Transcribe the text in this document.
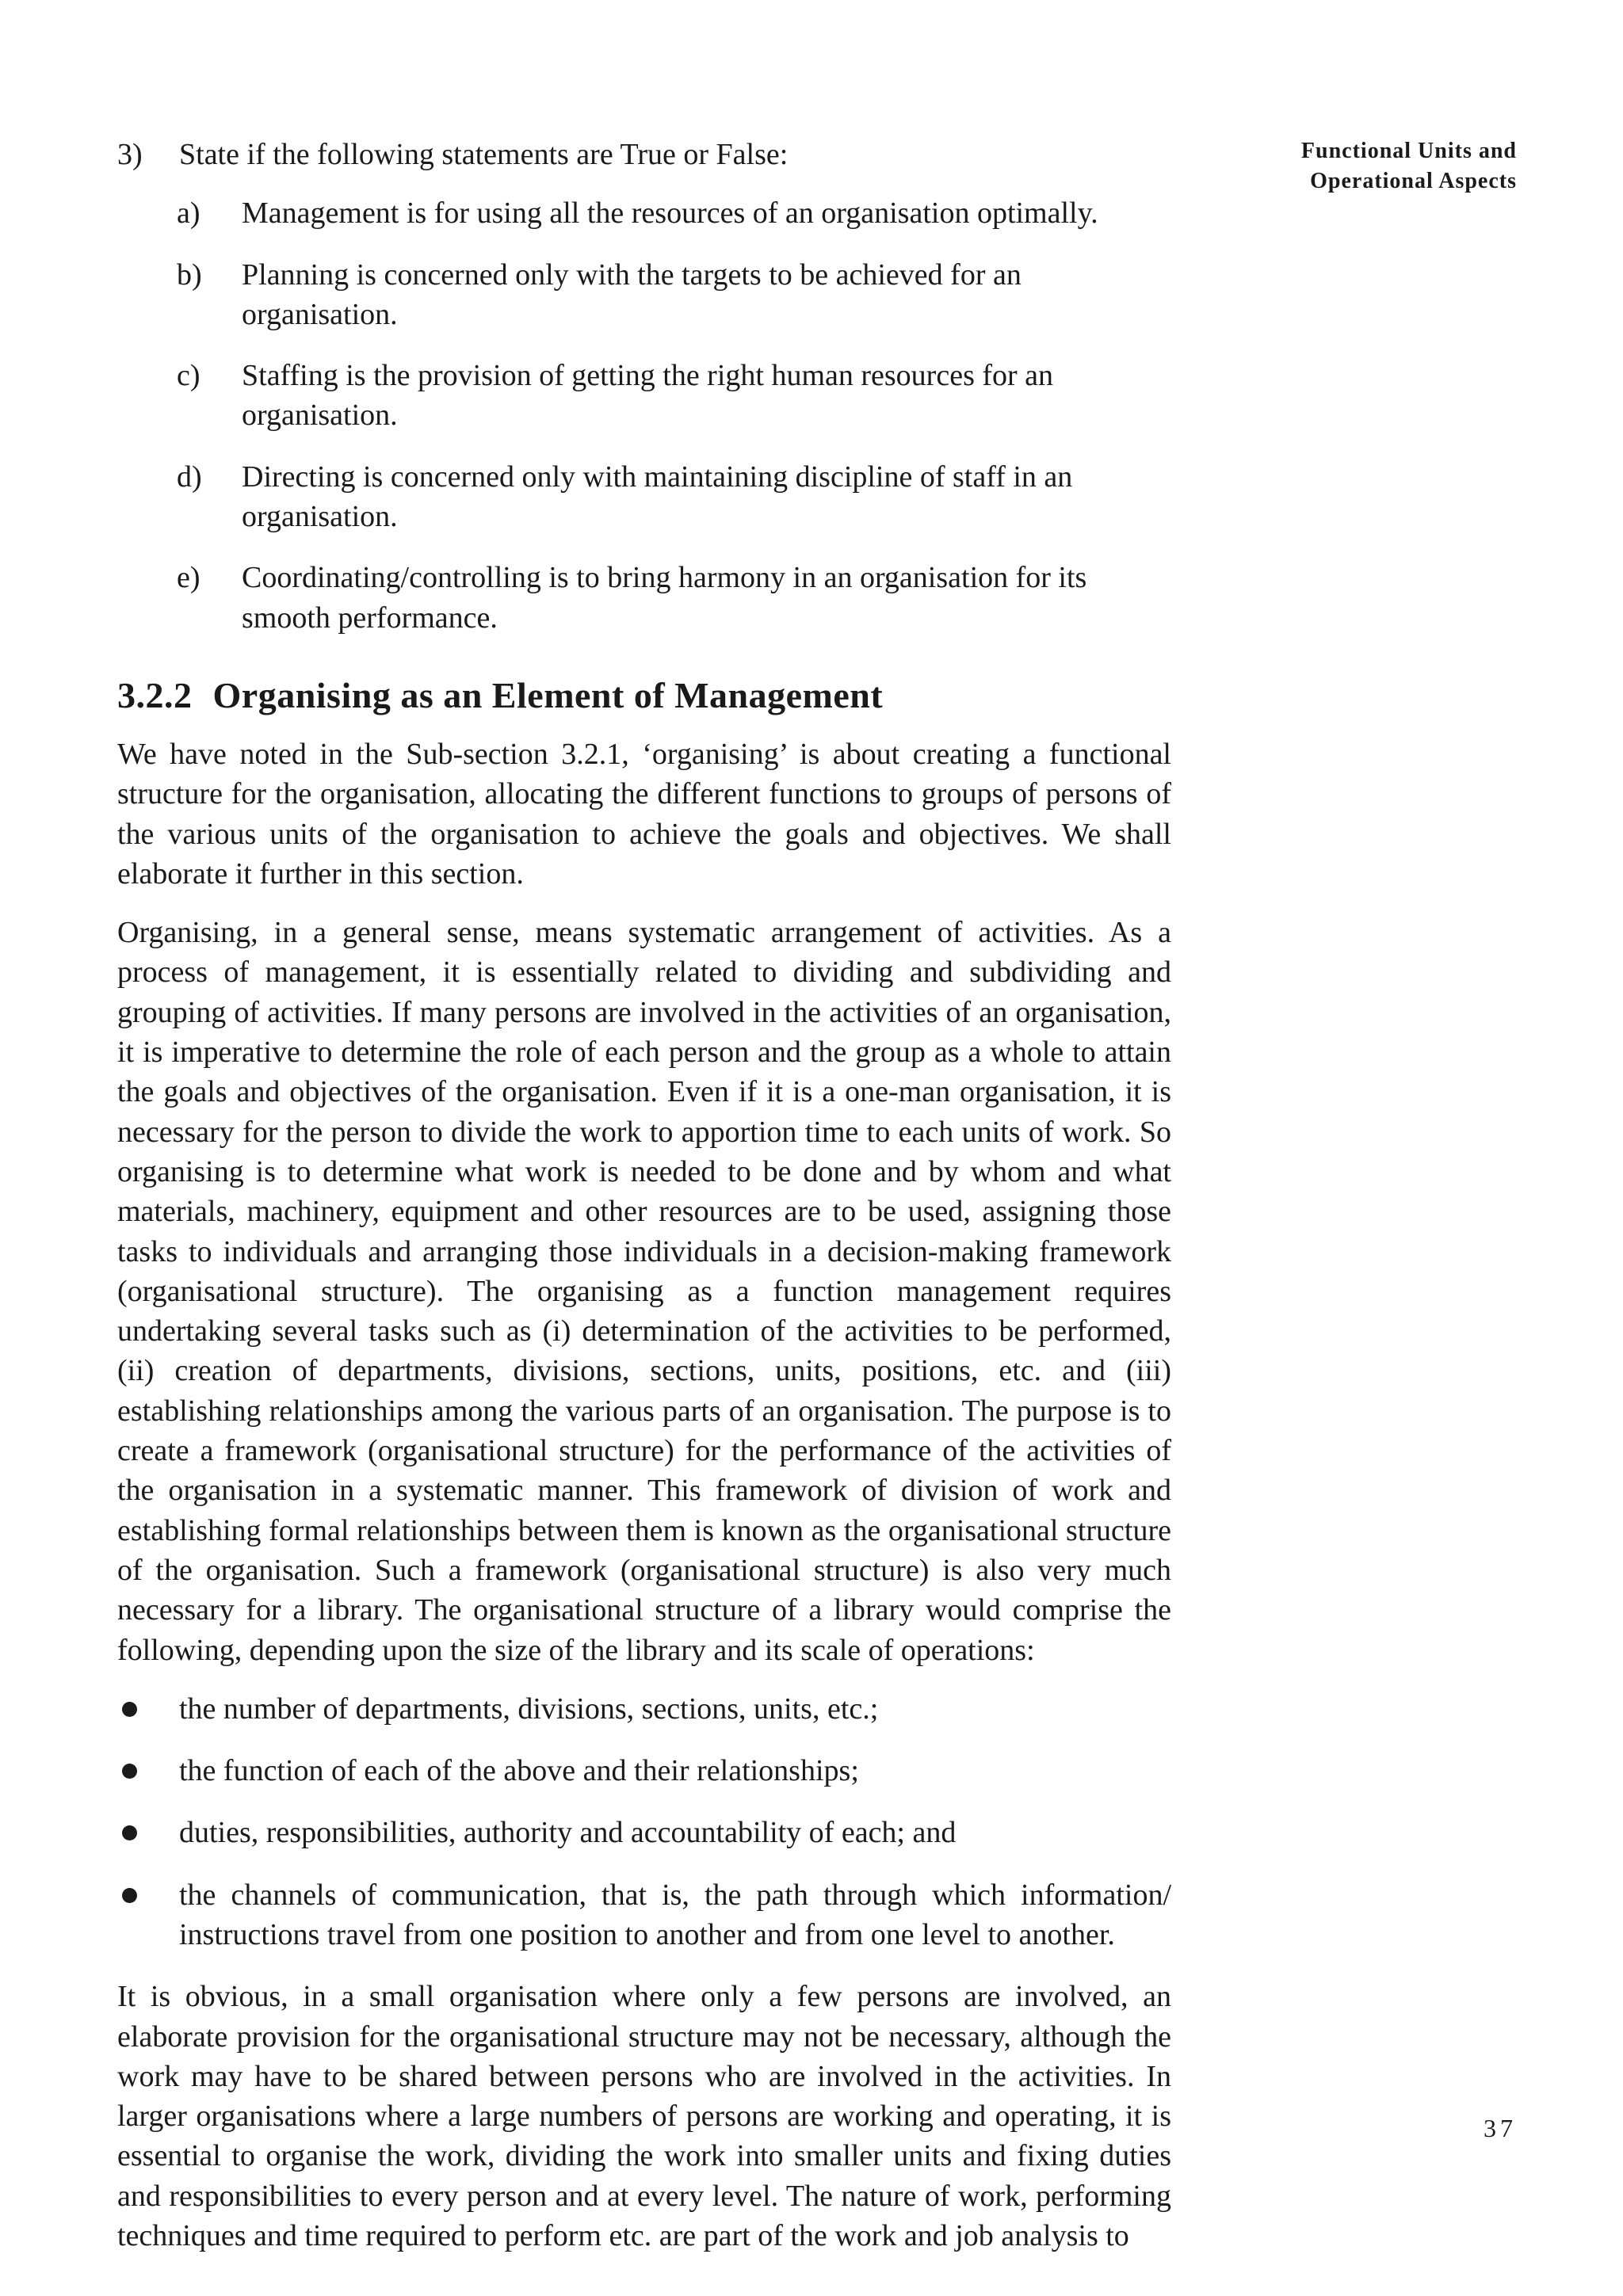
Functional Units and
Operational Aspects
3) State if the following statements are True or False:
a) Management is for using all the resources of an organisation optimally.
b) Planning is concerned only with the targets to be achieved for an organisation.
c) Staffing is the provision of getting the right human resources for an organisation.
d) Directing is concerned only with maintaining discipline of staff in an organisation.
e) Coordinating/controlling is to bring harmony in an organisation for its smooth performance.
3.2.2 Organising as an Element of Management

We have noted in the Sub-section 3.2.1, ‘organising’ is about creating a functional structure for the organisation, allocating the different functions to groups of persons of the various units of the organisation to achieve the goals and objectives. We shall elaborate it further in this section.

Organising, in a general sense, means systematic arrangement of activities. As a process of management, it is essentially related to dividing and subdividing and grouping of activities. If many persons are involved in the activities of an organisation, it is imperative to determine the role of each person and the group as a whole to attain the goals and objectives of the organisation. Even if it is a one-man organisation, it is necessary for the person to divide the work to apportion time to each units of work. So organising is to determine what work is needed to be done and by whom and what materials, machinery, equipment and other resources are to be used, assigning those tasks to individuals and arranging those individuals in a decision-making framework (organisational structure). The organising as a function management requires undertaking several tasks such as (i) determination of the activities to be performed, (ii) creation of departments, divisions, sections, units, positions, etc. and (iii) establishing relationships among the various parts of an organisation. The purpose is to create a framework (organisational structure) for the performance of the activities of the organisation in a systematic manner. This framework of division of work and establishing formal relationships between them is known as the organisational structure of the organisation. Such a framework (organisational structure) is also very much necessary for a library. The organisational structure of a library would comprise the following, depending upon the size of the library and its scale of operations:

the number of departments, divisions, sections, units, etc.;
the function of each of the above and their relationships;
duties, responsibilities, authority and accountability of each; and
the channels of communication, that is, the path through which information/ instructions travel from one position to another and from one level to another.

It is obvious, in a small organisation where only a few persons are involved, an elaborate provision for the organisational structure may not be necessary, although the work may have to be shared between persons who are involved in the activities. In larger organisations where a large numbers of persons are working and operating, it is essential to organise the work, dividing the work into smaller units and fixing duties and responsibilities to every person and at every level. The nature of work, performing techniques and time required to perform etc. are part of the work and job analysis to

37
